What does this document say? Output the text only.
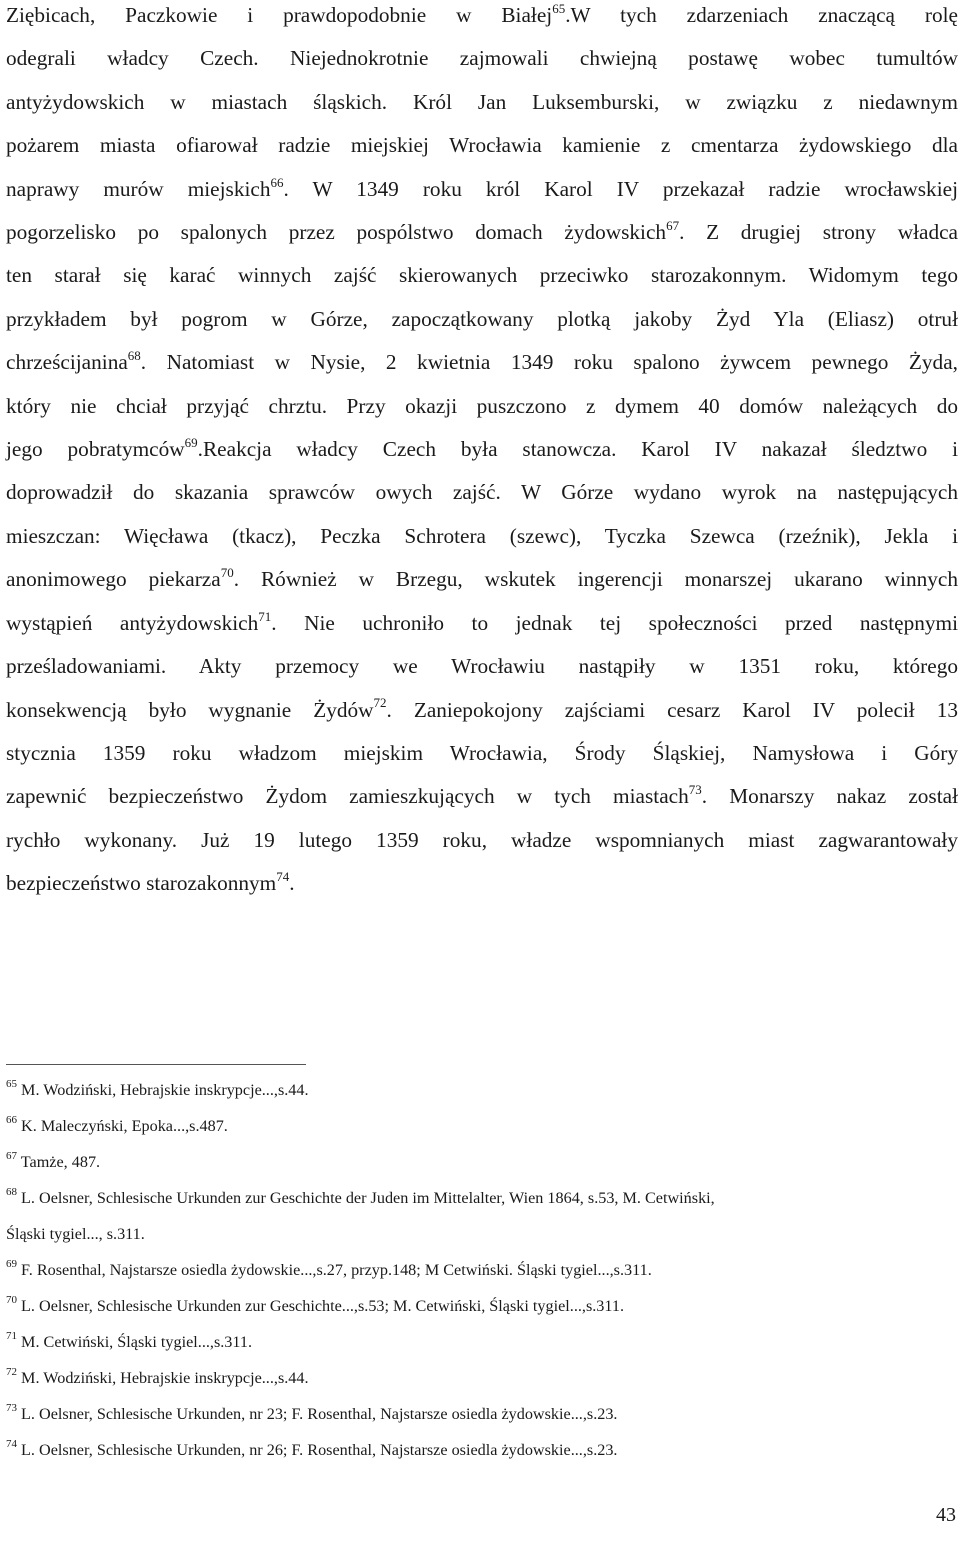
Ziębicach, Paczkowie i prawdopodobnie w Białej$^{65}$.W tych zdarzeniach znaczącą rolę
odegrali władcy Czech. Niejednokrotnie zajmowali chwiejną postawę wobec tumultów
antyżydowskich w miastach śląskich. Król Jan Luksemburski, w związku z niedawnym
pożarem miasta ofiarował radzie miejskiej Wrocławia kamienie z cmentarza żydowskiego dla
naprawy murów miejskich$^{66}$. W 1349 roku król Karol IV przekazał radzie wrocławskiej
pogorzelisko po spalonych przez pospólstwo domach żydowskich$^{67}$. Z drugiej strony władca
ten starał się karać winnych zajść skierowanych przeciwko starozakonnym. Widomym tego
przykładem był pogrom w Górze, zapoczątkowany plotką jakoby Żyd Yla (Eliasz) otruł
chrześcijanina$^{68}$. Natomiast w Nysie, 2 kwietnia 1349 roku spalono żywcem pewnego Żyda,
który nie chciał przyjąć chrztu. Przy okazji puszczono z dymem 40 domów należących do
jego pobratymców$^{69}$.Reakcja władcy Czech była stanowcza. Karol IV nakazał śledztwo i
doprowadził do skazania sprawców owych zajść. W Górze wydano wyrok na następujących
mieszczan: Więcława (tkacz), Peczka Schrotera (szewc), Tyczka Szewca (rzeźnik), Jekla i
anonimowego piekarza$^{70}$. Również w Brzegu, wskutek ingerencji monarszej ukarano winnych
wystąpień antyżydowskich$^{71}$. Nie uchroniło to jednak tej społeczności przed następnymi
prześladowaniami. Akty przemocy we Wrocławiu nastąpiły w 1351 roku, którego
konsekwencją było wygnanie Żydów$^{72}$. Zaniepokojony zajściami cesarz Karol IV polecił 13
stycznia 1359 roku władzom miejskim Wrocławia, Środy Śląskiej, Namysłowa i Góry
zapewnić bezpieczeństwo Żydom zamieszkujących w tych miastach$^{73}$. Monarszy nakaz został
rychło wykonany. Już 19 lutego 1359 roku, władze wspomnianych miast zagwarantowały
bezpieczeństwo starozakonnym$^{74}$.
$^{65}$ M. Wodziński, Hebrajskie inskrypcje...,s.44.
$^{66}$ K. Maleczyński, Epoka...,s.487.
$^{67}$ Tamże, 487.
$^{68}$ L. Oelsner, Schlesische Urkunden zur Geschichte der Juden im Mittelalter, Wien 1864, s.53, M. Cetwiński,
Śląski tygiel..., s.311.
$^{69}$ F. Rosenthal, Najstarsze osiedla żydowskie...,s.27, przyp.148; M Cetwiński. Śląski tygiel...,s.311.
$^{70}$ L. Oelsner, Schlesische Urkunden zur Geschichte...,s.53; M. Cetwiński, Śląski tygiel...,s.311.
$^{71}$ M. Cetwiński, Śląski tygiel...,s.311.
$^{72}$ M. Wodziński, Hebrajskie inskrypcje...,s.44.
$^{73}$ L. Oelsner, Schlesische Urkunden, nr 23; F. Rosenthal, Najstarsze osiedla żydowskie...,s.23.
$^{74}$ L. Oelsner, Schlesische Urkunden, nr 26; F. Rosenthal, Najstarsze osiedla żydowskie...,s.23.
43
